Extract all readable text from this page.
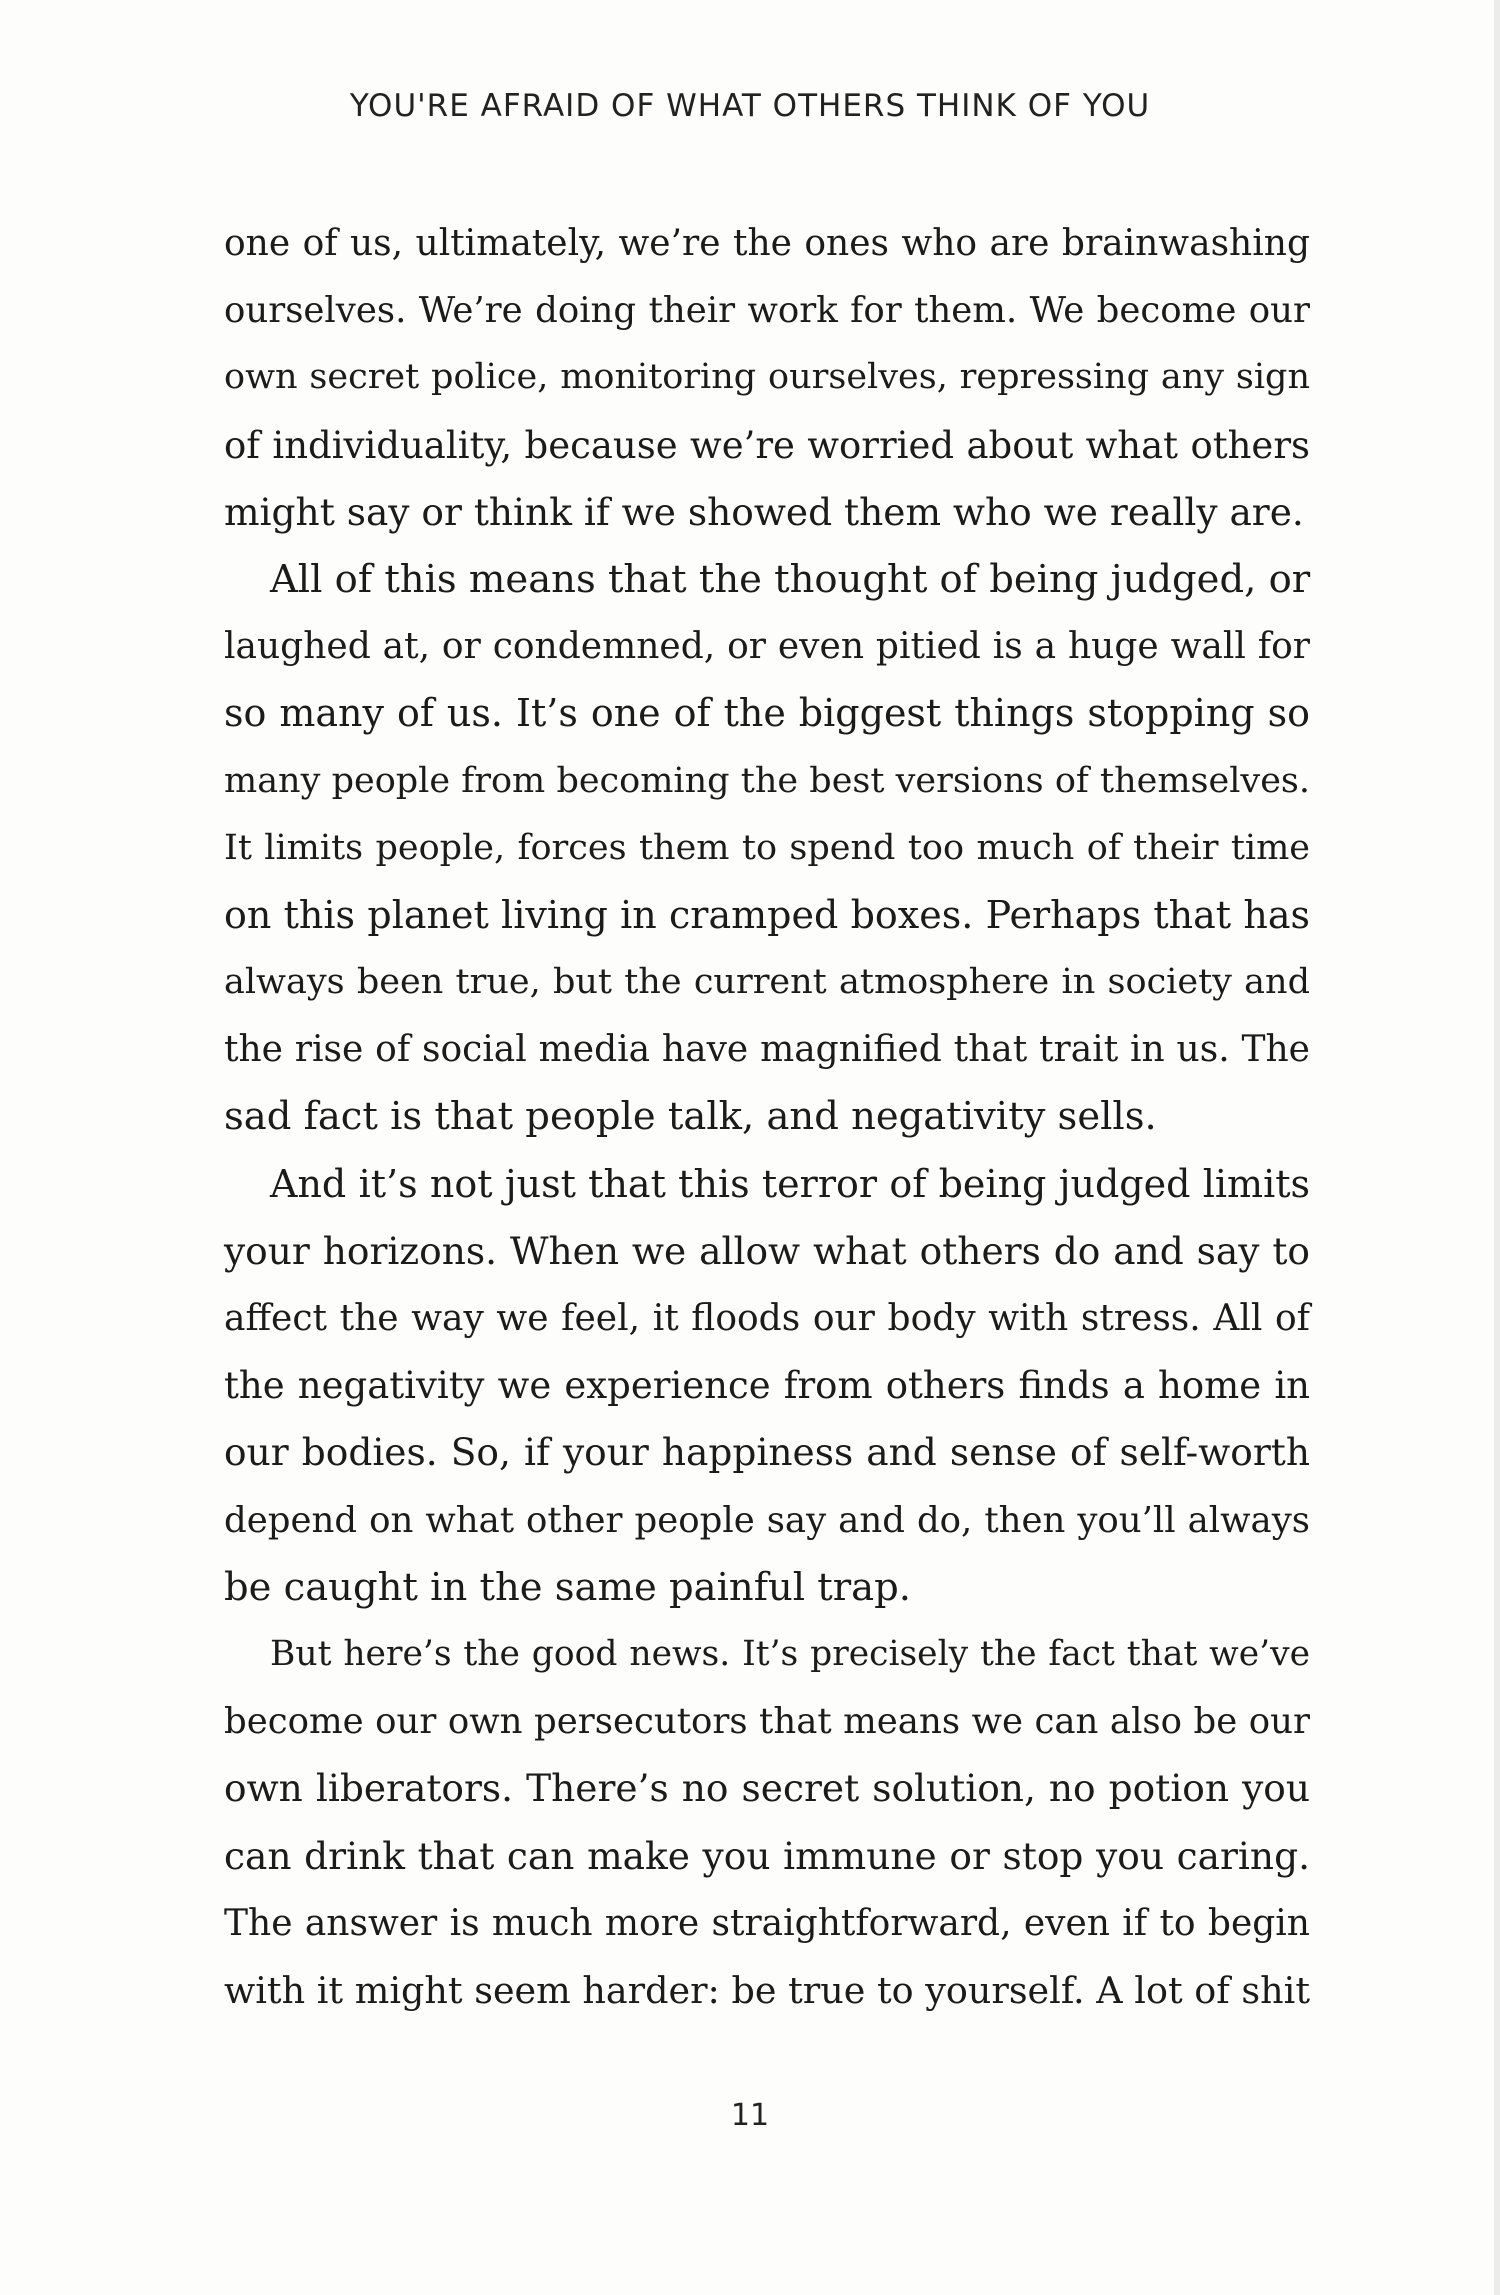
YOU'RE AFRAID OF WHAT OTHERS THINK OF YOU
one of us, ultimately, we’re the ones who are brainwashing
ourselves. We’re doing their work for them. We become our
own secret police, monitoring ourselves, repressing any sign
of individuality, because we’re worried about what others
might say or think if we showed them who we really are.
All of this means that the thought of being judged, or
laughed at, or condemned, or even pitied is a huge wall for
so many of us. It’s one of the biggest things stopping so
many people from becoming the best versions of themselves.
It limits people, forces them to spend too much of their time
on this planet living in cramped boxes. Perhaps that has
always been true, but the current atmosphere in society and
the rise of social media have magnified that trait in us. The
sad fact is that people talk, and negativity sells.
And it’s not just that this terror of being judged limits
your horizons. When we allow what others do and say to
affect the way we feel, it floods our body with stress. All of
the negativity we experience from others finds a home in
our bodies. So, if your happiness and sense of self-worth
depend on what other people say and do, then you’ll always
be caught in the same painful trap.
But here’s the good news. It’s precisely the fact that we’ve
become our own persecutors that means we can also be our
own liberators. There’s no secret solution, no potion you
can drink that can make you immune or stop you caring.
The answer is much more straightforward, even if to begin
with it might seem harder: be true to yourself. A lot of shit
11
